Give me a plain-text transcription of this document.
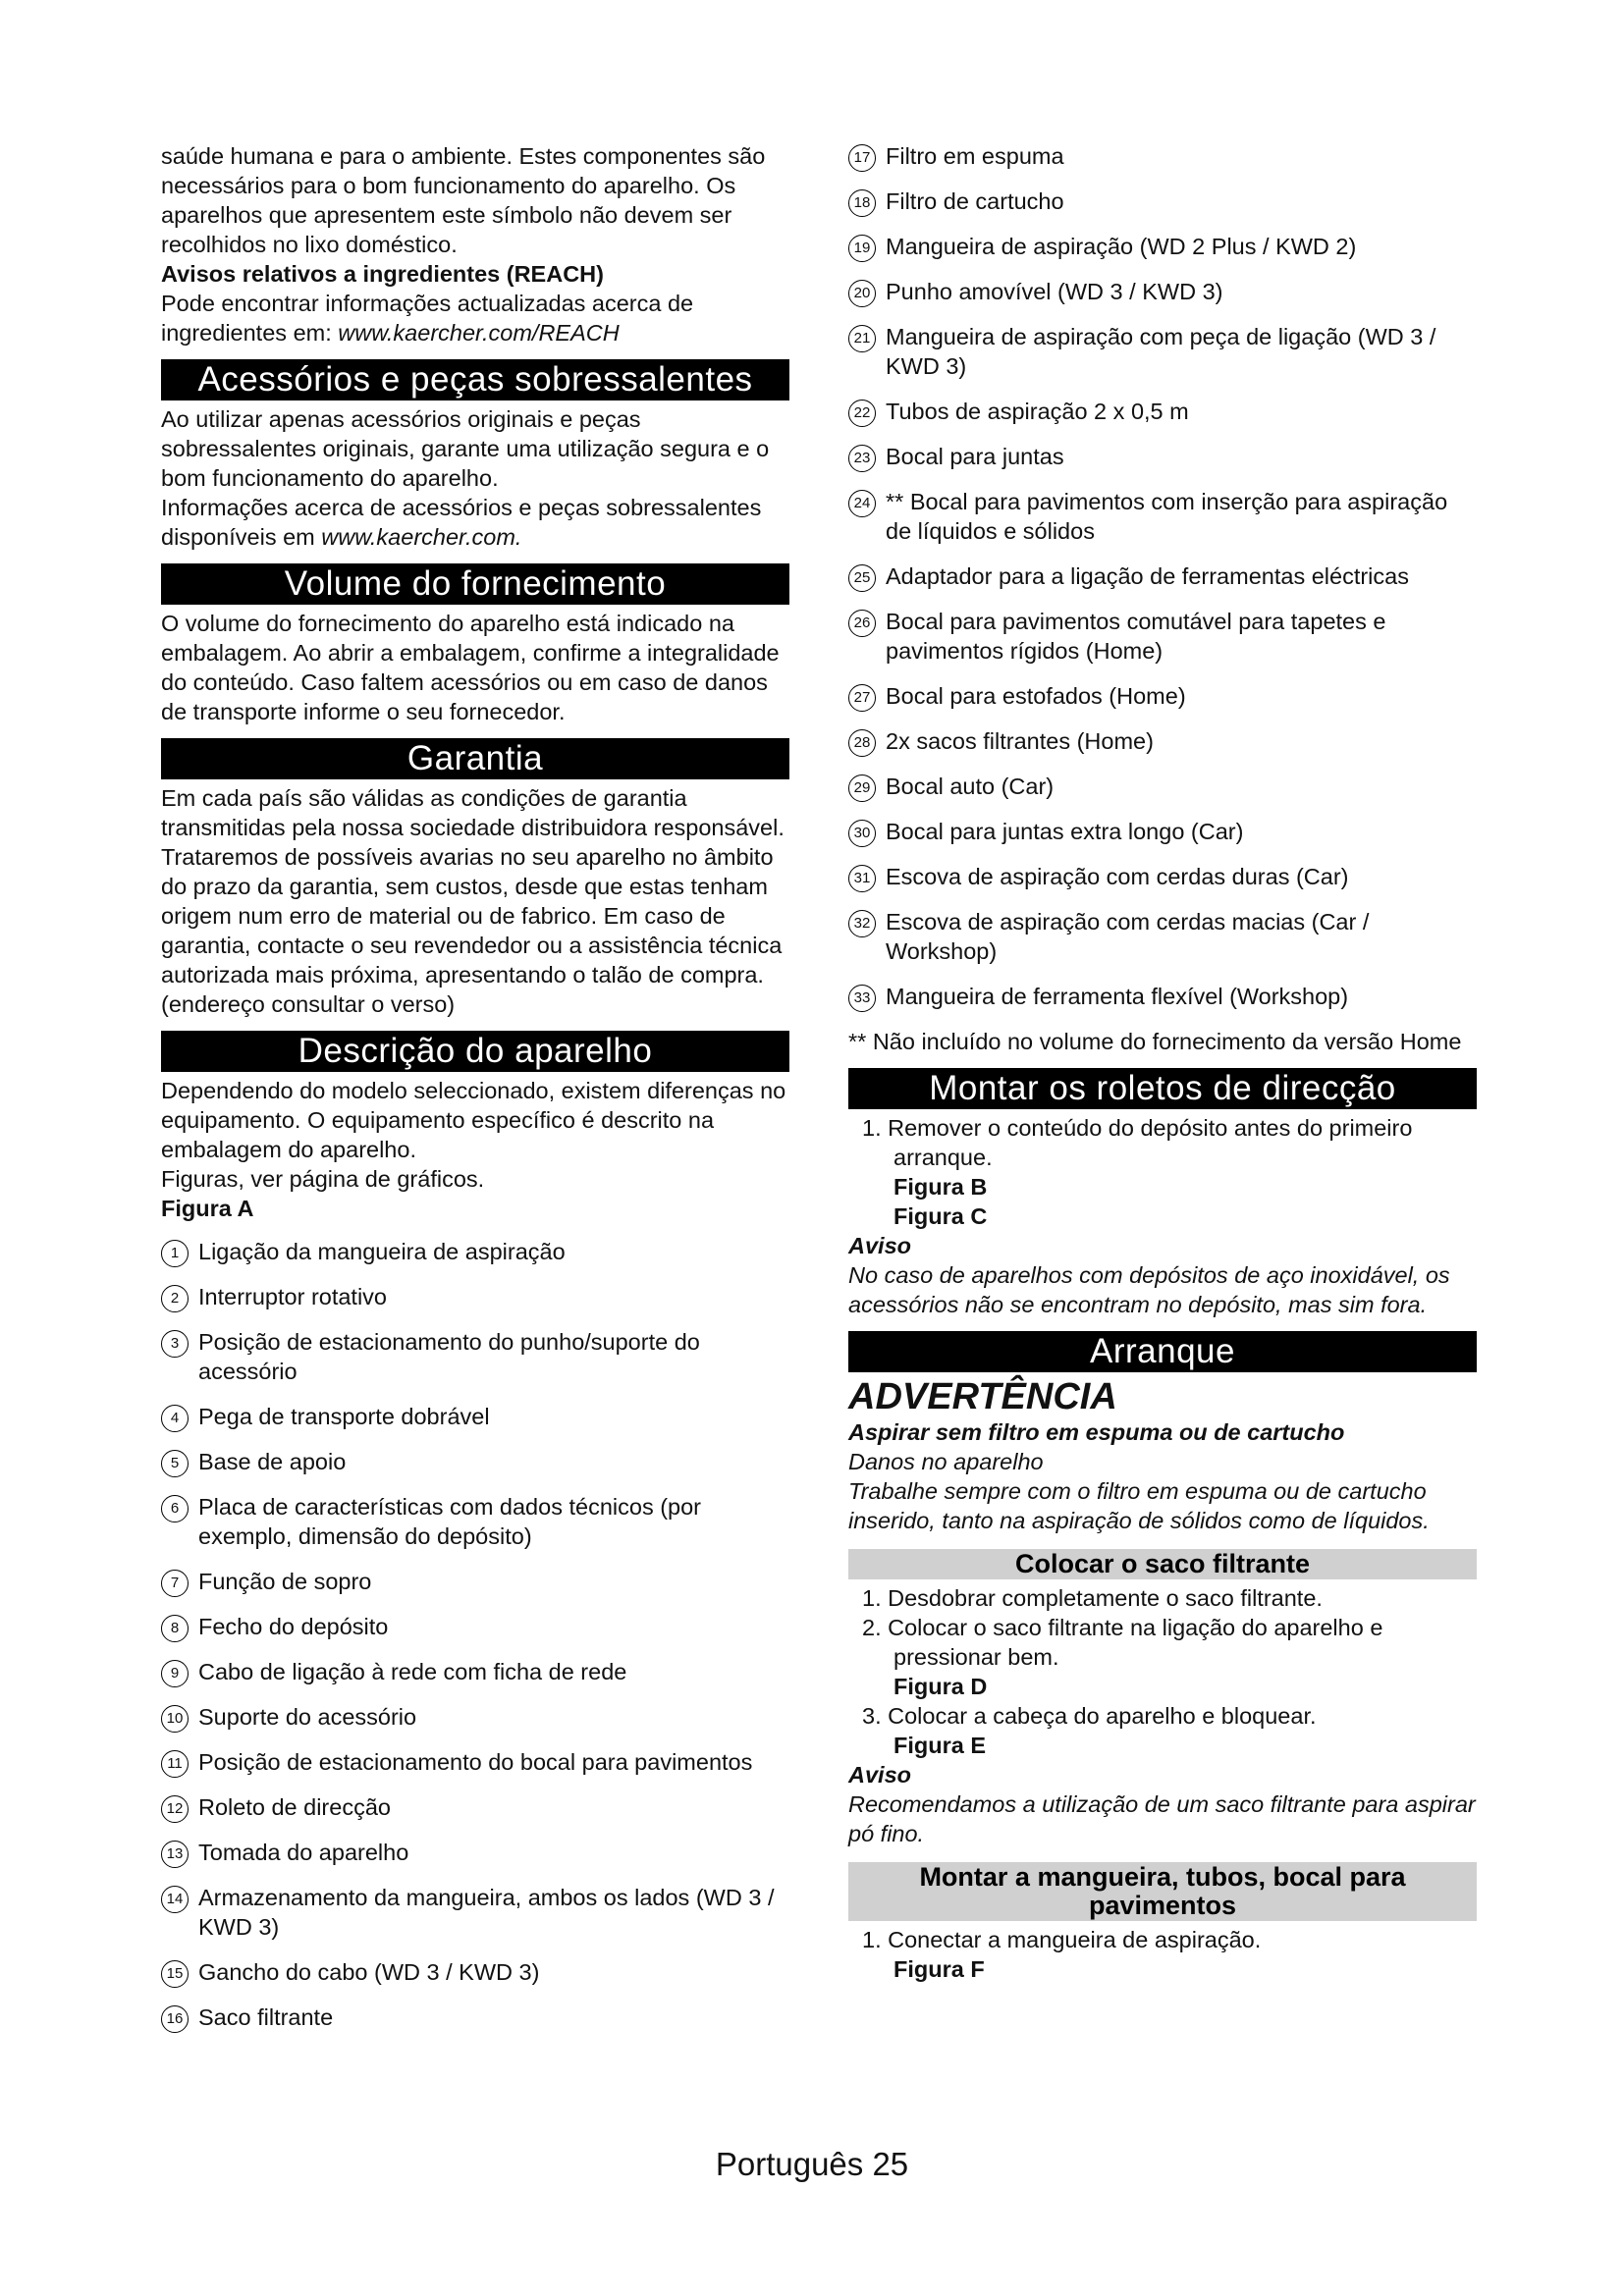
saúde humana e para o ambiente. Estes componentes são necessários para o bom funcionamento do aparelho. Os aparelhos que apresentem este símbolo não devem ser recolhidos no lixo doméstico.

Avisos relativos a ingredientes (REACH)

Pode encontrar informações actualizadas acerca de ingredientes em: www.kaercher.com/REACH

Acessórios e peças sobressalentes

Ao utilizar apenas acessórios originais e peças sobressalentes originais, garante uma utilização segura e o bom funcionamento do aparelho.

Informações acerca de acessórios e peças sobressalentes disponíveis em www.kaercher.com.

Volume do fornecimento

O volume do fornecimento do aparelho está indicado na embalagem. Ao abrir a embalagem, confirme a integralidade do conteúdo. Caso faltem acessórios ou em caso de danos de transporte informe o seu fornecedor.

Garantia

Em cada país são válidas as condições de garantia transmitidas pela nossa sociedade distribuidora responsável. Trataremos de possíveis avarias no seu aparelho no âmbito do prazo da garantia, sem custos, desde que estas tenham origem num erro de material ou de fabrico. Em caso de garantia, contacte o seu revendedor ou a assistência técnica autorizada mais próxima, apresentando o talão de compra.

(endereço consultar o verso)

Descrição do aparelho

Dependendo do modelo seleccionado, existem diferenças no equipamento. O equipamento específico é descrito na embalagem do aparelho.

Figuras, ver página de gráficos.

Figura A

1 Ligação da mangueira de aspiração
2 Interruptor rotativo
3 Posição de estacionamento do punho/suporte do acessório
4 Pega de transporte dobrável
5 Base de apoio
6 Placa de características com dados técnicos (por exemplo, dimensão do depósito)
7 Função de sopro
8 Fecho do depósito
9 Cabo de ligação à rede com ficha de rede
10 Suporte do acessório
11 Posição de estacionamento do bocal para pavimentos
12 Roleto de direcção
13 Tomada do aparelho
14 Armazenamento da mangueira, ambos os lados (WD 3 / KWD 3)
15 Gancho do cabo (WD 3 / KWD 3)
16 Saco filtrante
17 Filtro em espuma
18 Filtro de cartucho
19 Mangueira de aspiração (WD 2 Plus / KWD 2)
20 Punho amovível (WD 3 / KWD 3)
21 Mangueira de aspiração com peça de ligação (WD 3 / KWD 3)
22 Tubos de aspiração 2 x 0,5 m
23 Bocal para juntas
24 ** Bocal para pavimentos com inserção para aspiração de líquidos e sólidos
25 Adaptador para a ligação de ferramentas eléctricas
26 Bocal para pavimentos comutável para tapetes e pavimentos rígidos (Home)
27 Bocal para estofados (Home)
28 2x sacos filtrantes (Home)
29 Bocal auto (Car)
30 Bocal para juntas extra longo (Car)
31 Escova de aspiração com cerdas duras (Car)
32 Escova de aspiração com cerdas macias (Car / Workshop)
33 Mangueira de ferramenta flexível (Workshop)

** Não incluído no volume do fornecimento da versão Home

Montar os roletos de direcção

1. Remover o conteúdo do depósito antes do primeiro arranque.

Figura B

Figura C

Aviso

No caso de aparelhos com depósitos de aço inoxidável, os acessórios não se encontram no depósito, mas sim fora.

Arranque

ADVERTÊNCIA

Aspirar sem filtro em espuma ou de cartucho

Danos no aparelho

Trabalhe sempre com o filtro em espuma ou de cartucho inserido, tanto na aspiração de sólidos como de líquidos.

Colocar o saco filtrante

1. Desdobrar completamente o saco filtrante.

2. Colocar o saco filtrante na ligação do aparelho e pressionar bem.

Figura D

3. Colocar a cabeça do aparelho e bloquear.

Figura E

Aviso

Recomendamos a utilização de um saco filtrante para aspirar pó fino.

Montar a mangueira, tubos, bocal para pavimentos

1. Conectar a mangueira de aspiração.

Figura F

Português 25
